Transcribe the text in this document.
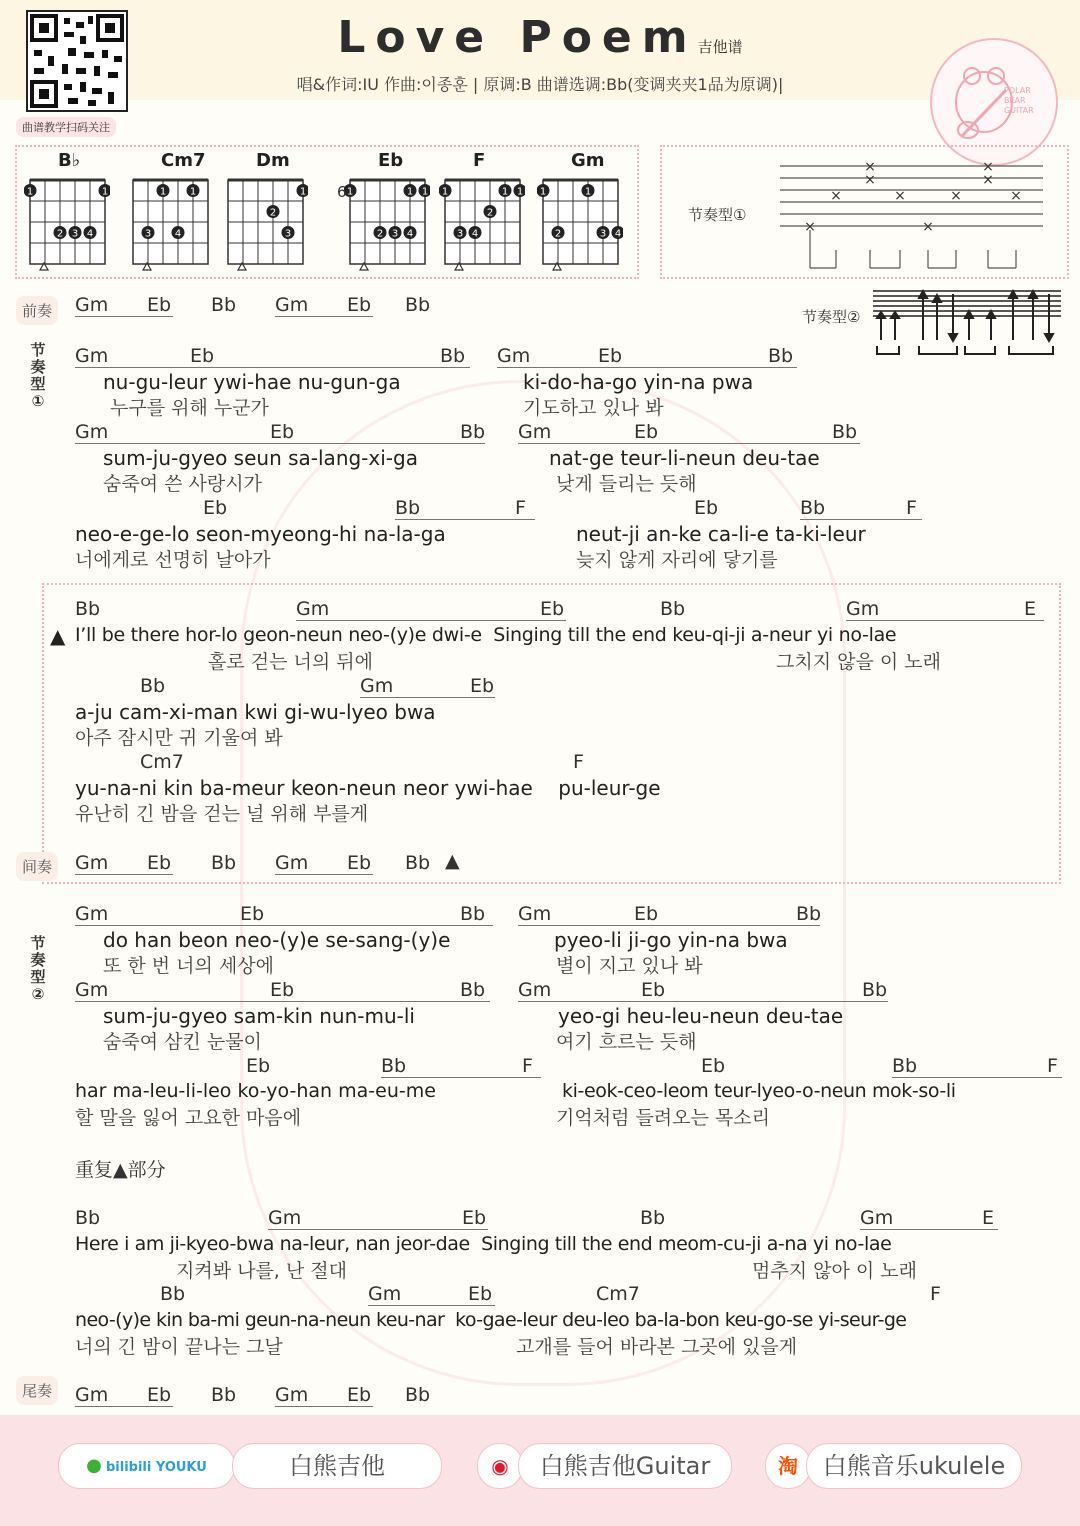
曲谱教学扫码关注
Love Poem吉他谱
唱&作词:IU 作曲:이종훈 | 原调:B 曲谱选调:Bb(变调夹夹1品为原调)|	POLAR BEAR GUITAR
B♭
1	1
2 3 4
Cm7
3
1
4
1
Dm
2
3
1
Eb
1	1 1
2 3 4
F
1	1 1
3 4
2
Gm
1	1
3 4
2
6
节奏型①
×
×
×
×
×
×
×
×
×
×
节奏型②
前奏	Gm	Eb Bb Gm	Eb Bb
节奏型①
节奏型②
Gm	Eb	Bb Gm	Eb	Bb
nu-gu-leur ywi-hae nu-gun-ga	ki-do-ha-go yin-na pwa
누구를 위해 누군가	기도하고 있나 봐
Gm	Eb	Bb Gm	Eb	Bb
sum-ju-gyeo seun sa-lang-xi-ga	nat-ge teur-li-neun deu-tae
숨죽여 쓴 사랑시가	낮게 들리는 듯해
Eb	Bb	F	Eb	Bb	F
neo-e-ge-lo seon-myeong-hi na-la-ga	neut-ji an-ke ca-li-e ta-ki-leur
너에게로 선명히 날아가	늦지 않게 자리에 닿기를
Bb	Gm	Eb	Bb	Gm	E
▲ I’ll be there hor-lo geon-neun neo-(y)e dwi-e  Singing till the end keu-qi-ji a-neur yi no-lae
홀로 걷는 너의 뒤에	그치지 않을 이 노래
Bb	Gm	Eb
a-ju cam-xi-man kwi gi-wu-lyeo bwa
아주 잠시만 귀 기울여 봐
Cm7	F
yu-na-ni kin ba-meur keon-neun neor ywi-hae    pu-leur-ge
유난히 긴 밤을 걷는 널 위해 부를게
间奏	Gm	Eb Bb Gm	Eb Bb ▲
Gm	Eb	Bb Gm	Eb	Bb
do han beon neo-(y)e se-sang-(y)e	pyeo-li ji-go yin-na bwa
또 한 번 너의 세상에	별이 지고 있나 봐
Gm	Eb	Bb Gm	Eb	Bb
sum-ju-gyeo sam-kin nun-mu-li	yeo-gi heu-leu-neun deu-tae
숨죽여 삼킨 눈물이	여기 흐르는 듯해
Eb	Bb	F	Eb	Bb	F
har ma-leu-li-leo ko-yo-han ma-eu-me	ki-eok-ceo-leom teur-lyeo-o-neun mok-so-li
할 말을 잃어 고요한 마음에	기억처럼 들려오는 목소리
重复▲部分
Bb	Gm	Eb	Bb	Gm	E
Here i am ji-kyeo-bwa na-leur, nan jeor-dae  Singing till the end meom-cu-ji a-na yi no-lae
지켜봐 나를, 난 절대	멈추지 않아 이 노래
Bb	Gm	Eb	Cm7	F
neo-(y)e kin ba-mi geun-na-neun keu-nar  ko-gae-leur deu-leo ba-la-bon keu-go-se yi-seur-ge
너의 긴 밤이 끝나는 그날	고개를 들어 바라본 그곳에 있을게
尾奏	Gm	Eb Bb Gm	Eb Bb
● bilibili YOUKU	白熊吉他	◉	白熊吉他Guitar	淘	白熊音乐ukulele
